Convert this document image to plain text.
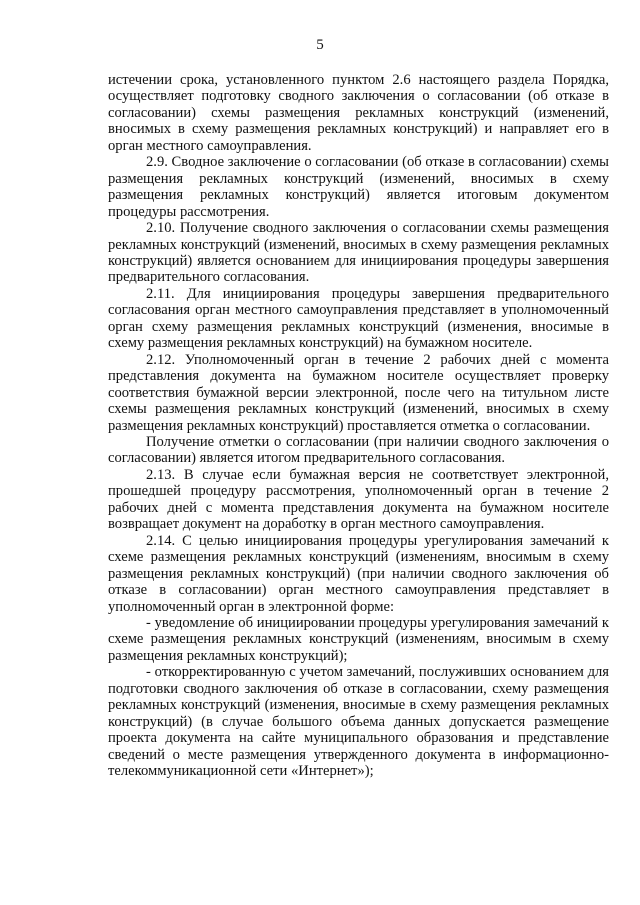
5

истечении срока, установленного пунктом 2.6 настоящего раздела Порядка, осуществляет подготовку сводного заключения о согласовании (об отказе в согласовании) схемы размещения рекламных конструкций (изменений, вносимых в схему размещения рекламных конструкций) и направляет его в орган местного самоуправления.

2.9. Сводное заключение о согласовании (об отказе в согласовании) схемы размещения рекламных конструкций (изменений, вносимых в схему размещения рекламных конструкций) является итоговым документом процедуры рассмотрения.

2.10. Получение сводного заключения о согласовании схемы размещения рекламных конструкций (изменений, вносимых в схему размещения рекламных конструкций) является основанием для инициирования процедуры завершения предварительного согласования.

2.11. Для инициирования процедуры завершения предварительного согласования орган местного самоуправления представляет в уполномоченный орган схему размещения рекламных конструкций (изменения, вносимые в схему размещения рекламных конструкций) на бумажном носителе.

2.12. Уполномоченный орган в течение 2 рабочих дней с момента представления документа на бумажном носителе осуществляет проверку соответствия бумажной версии электронной, после чего на титульном листе схемы размещения рекламных конструкций (изменений, вносимых в схему размещения рекламных конструкций) проставляется отметка о согласовании.

Получение отметки о согласовании (при наличии сводного заключения о согласовании) является итогом предварительного согласования.

2.13. В случае если бумажная версия не соответствует электронной, прошедшей процедуру рассмотрения, уполномоченный орган в течение 2 рабочих дней с момента представления документа на бумажном носителе возвращает документ на доработку в орган местного самоуправления.

2.14. С целью инициирования процедуры урегулирования замечаний к схеме размещения рекламных конструкций (изменениям, вносимым в схему размещения рекламных конструкций) (при наличии сводного заключения об отказе в согласовании) орган местного самоуправления представляет в уполномоченный орган в электронной форме:

- уведомление об инициировании процедуры урегулирования замечаний к схеме размещения рекламных конструкций (изменениям, вносимым в схему размещения рекламных конструкций);

- откорректированную с учетом замечаний, послуживших основанием для подготовки сводного заключения об отказе в согласовании, схему размещения рекламных конструкций (изменения, вносимые в схему размещения рекламных конструкций) (в случае большого объема данных допускается размещение проекта документа на сайте муниципального образования и представление сведений о месте размещения утвержденного документа в информационно-телекоммуникационной сети «Интернет»);
